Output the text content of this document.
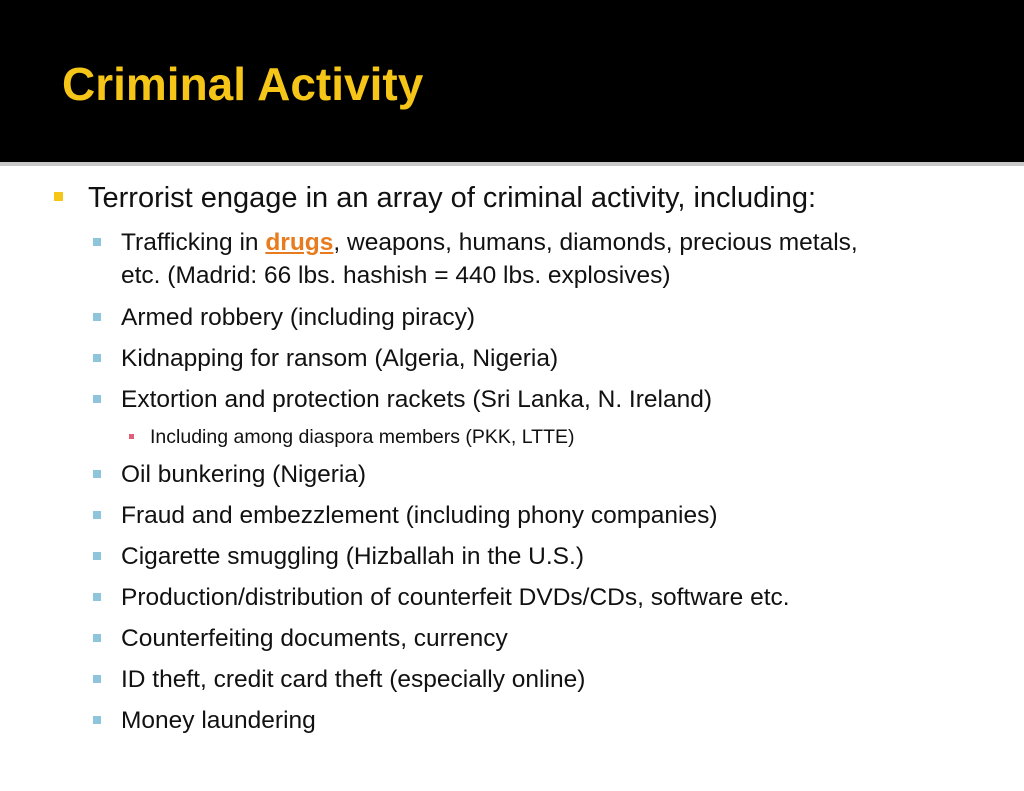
Criminal Activity
Terrorist engage in an array of criminal activity, including:
Trafficking in drugs, weapons, humans, diamonds, precious metals,
etc. (Madrid: 66 lbs. hashish = 440 lbs. explosives)
Armed robbery (including piracy)
Kidnapping for ransom (Algeria, Nigeria)
Extortion and protection rackets (Sri Lanka, N. Ireland)
Including among diaspora members (PKK, LTTE)
Oil bunkering (Nigeria)
Fraud and embezzlement (including phony companies)
Cigarette smuggling (Hizballah in the U.S.)
Production/distribution of counterfeit DVDs/CDs, software etc.
Counterfeiting documents, currency
ID theft, credit card theft (especially online)
Money laundering
